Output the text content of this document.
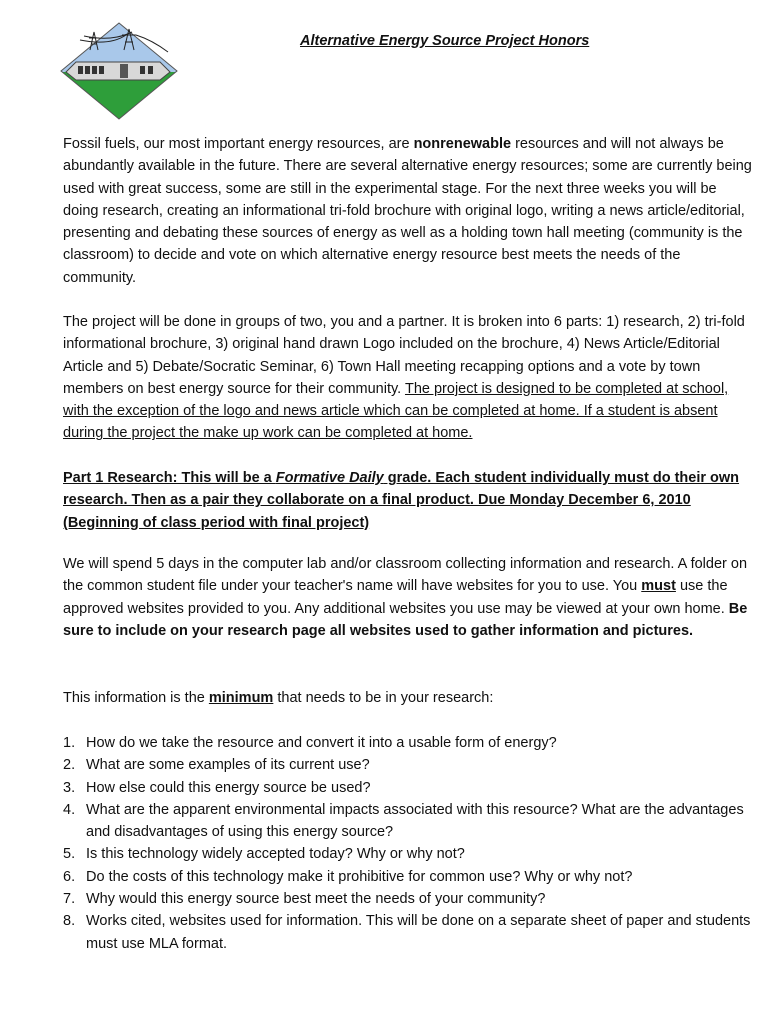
Alternative Energy Source Project Honors

Fossil fuels, our most important energy resources, are nonrenewable resources and will not always be abundantly available in the future. There are several alternative energy resources; some are currently being used with great success, some are still in the experimental stage. For the next three weeks you will be doing research, creating an informational tri-fold brochure with original logo, writing a news article/editorial, presenting and debating these sources of energy as well as a holding town hall meeting (community is the classroom) to decide and vote on which alternative energy resource best meets the needs of the community.

The project will be done in groups of two, you and a partner. It is broken into 6 parts: 1) research, 2) tri-fold informational brochure, 3) original hand drawn Logo included on the brochure, 4) News Article/Editorial Article and 5) Debate/Socratic Seminar, 6) Town Hall meeting recapping options and a vote by town members on best energy source for their community. The project is designed to be completed at school, with the exception of the logo and news article which can be completed at home. If a student is absent during the project the make up work can be completed at home.

Part 1 Research: This will be a Formative Daily grade. Each student individually must do their own research. Then as a pair they collaborate on a final product. Due Monday December 6, 2010 (Beginning of class period with final project)

We will spend 5 days in the computer lab and/or classroom collecting information and research. A folder on the common student file under your teacher's name will have websites for you to use. You must use the approved websites provided to you. Any additional websites you use may be viewed at your own home. Be sure to include on your research page all websites used to gather information and pictures.

This information is the minimum that needs to be in your research:

1. How do we take the resource and convert it into a usable form of energy?
2. What are some examples of its current use?
3. How else could this energy source be used?
4. What are the apparent environmental impacts associated with this resource? What are the advantages and disadvantages of using this energy source?
5. Is this technology widely accepted today? Why or why not?
6. Do the costs of this technology make it prohibitive for common use? Why or why not?
7. Why would this energy source best meet the needs of your community?
8. Works cited, websites used for information. This will be done on a separate sheet of paper and students must use MLA format.
